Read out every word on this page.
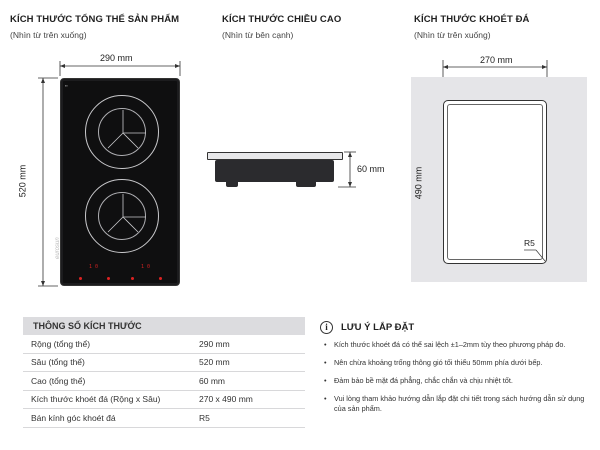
KÍCH THƯỚC TỔNG THỂ SẢN PHẨM
(Nhìn từ trên xuống)
290 mm
520 mm
▪▪
eurosun
1 0	1 0
KÍCH THƯỚC CHIỀU CAO
(Nhìn từ bên cạnh)
60 mm
KÍCH THƯỚC KHOÉT ĐÁ
(Nhìn từ trên xuống)
270 mm
490 mm
R5
THÔNG SỐ KÍCH THƯỚC
Rộng (tổng thể)	290 mm
Sâu (tổng thể)	520 mm
Cao (tổng thể)	60 mm
Kích thước khoét đá (Rộng x Sâu)	270 x 490 mm
Bán kính góc khoét đá	R5
i	LƯU Ý LẮP ĐẶT
• Kích thước khoét đá có thể sai lệch ±1–2mm tùy theo phương pháp đo.
• Nên chừa khoảng trống thông gió tối thiểu 50mm phía dưới bếp.
• Đảm bảo bề mặt đá phẳng, chắc chắn và chịu nhiệt tốt.
• Vui lòng tham khảo hướng dẫn lắp đặt chi tiết trong sách hướng dẫn sử dụng của sản phẩm.
